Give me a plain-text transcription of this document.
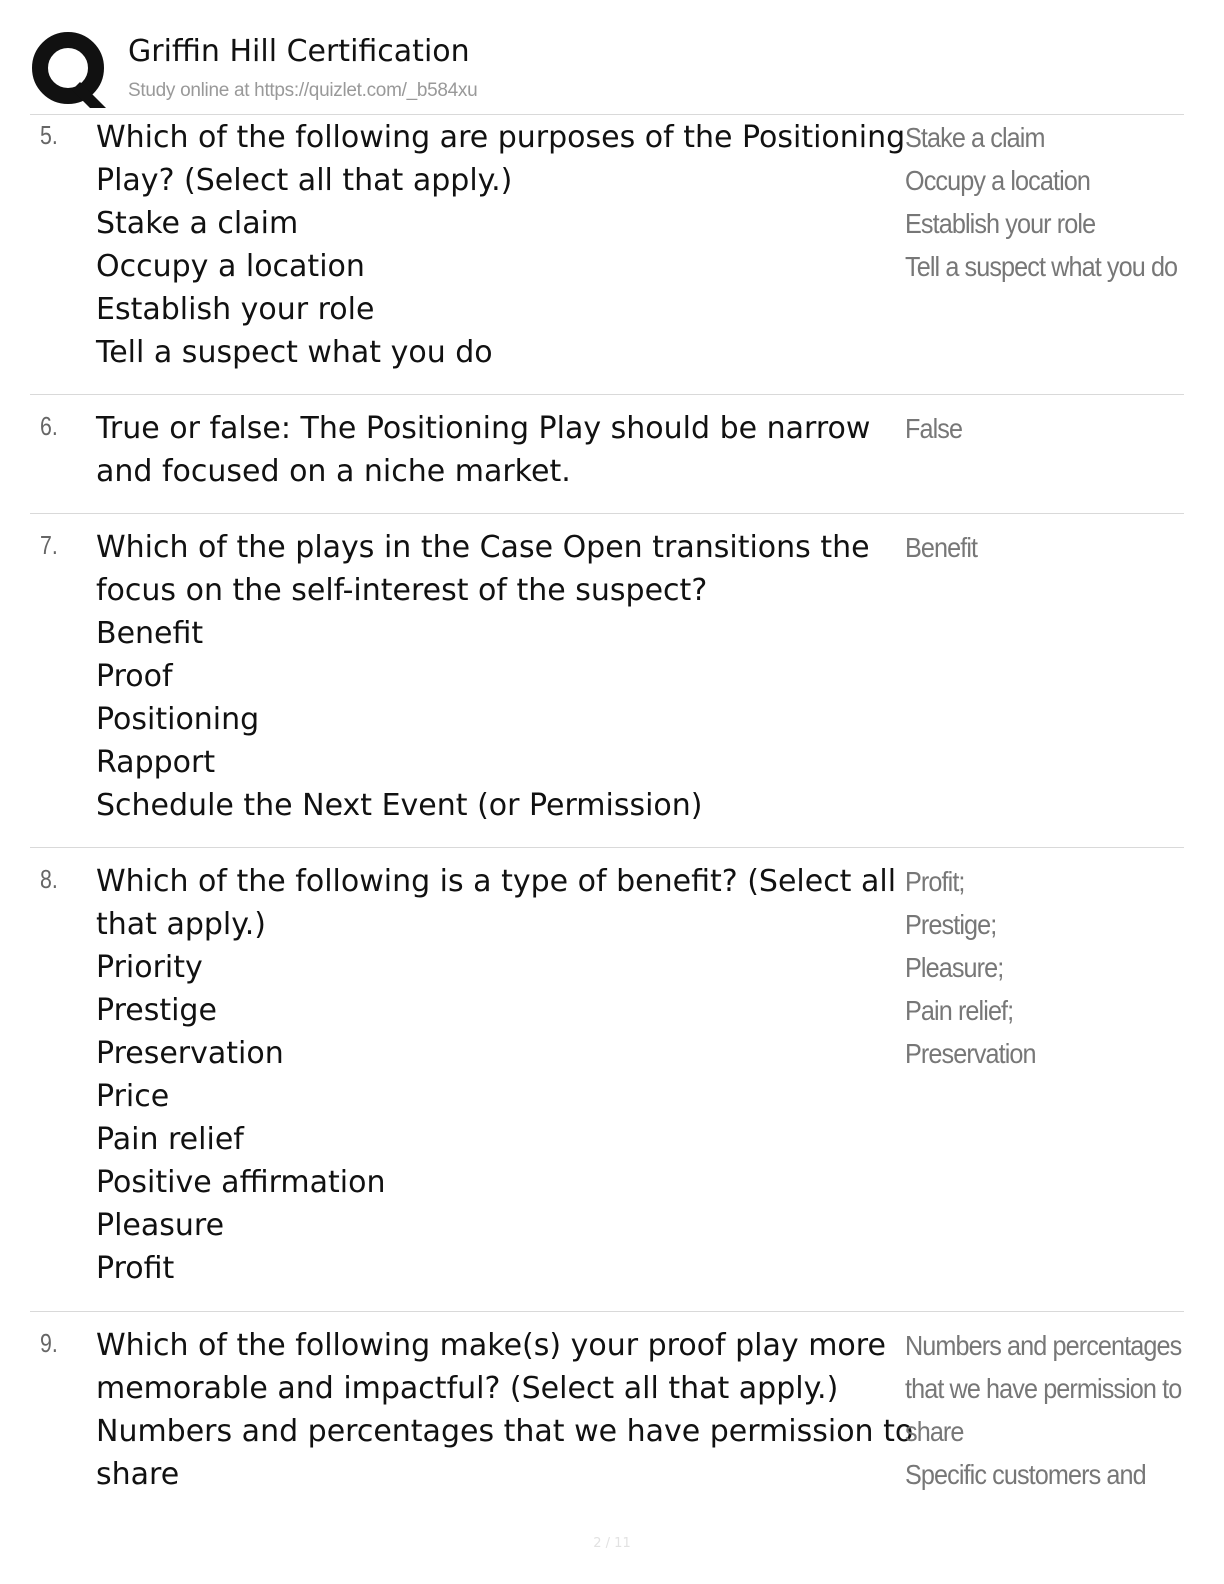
Griffin Hill Certification
Study online at https://quizlet.com/_b584xu
5. Which of the following are purposes of the Positioning
Play? (Select all that apply.)
Stake a claim
Occupy a location
Establish your role
Tell a suspect what you do
Stake a claim
Occupy a location
Establish your role
Tell a suspect what you do
6. True or false: The Positioning Play should be narrow
and focused on a niche market.
False
7. Which of the plays in the Case Open transitions the
focus on the self-interest of the suspect?
Benefit
Proof
Positioning
Rapport
Schedule the Next Event (or Permission)
Benefit
8. Which of the following is a type of benefit? (Select all
that apply.)
Priority
Prestige
Preservation
Price
Pain relief
Positive affirmation
Pleasure
Profit
Profit;
Prestige;
Pleasure;
Pain relief;
Preservation
9. Which of the following make(s) your proof play more
memorable and impactful? (Select all that apply.)
Numbers and percentages that we have permission to
share
Numbers and percentages
that we have permission to
share
Specific customers and
2 / 11
